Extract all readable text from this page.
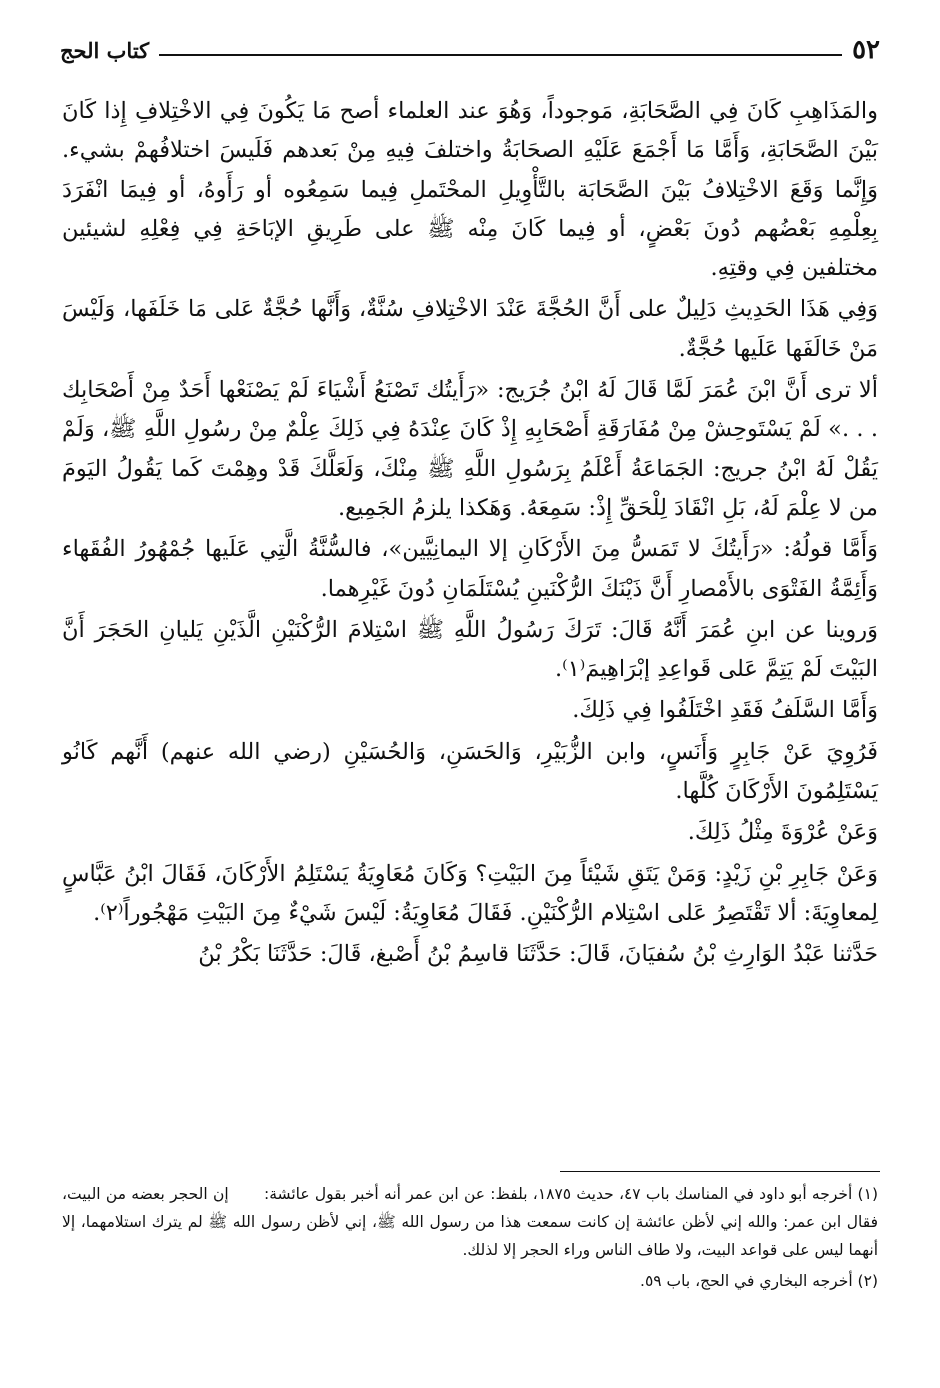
٥٢
كتاب الحج

والمَذَاهِبِ كَانَ فِي الصَّحَابَةِ، مَوجوداً، وَهُوَ عند العلماء أصح مَا يَكُونَ فِي الاخْتِلافِ إِذا كَانَ بَيْنَ الصَّحَابَةِ، وَأَمَّا مَا أَجْمَعَ عَلَيْهِ الصحَابَةُ واختلفَ فِيهِ مِنْ بَعدهم فَلَيسَ اختلافُهمْ بشيء. وَإِنَّما وَقَعَ الاخْتِلافُ بَيْنَ الصَّحَابَة بالتَّأْوِيلِ المحْتَملِ فِيما سَمِعُوه أو رَأَوهُ، أو فِيمَا انْفَرَدَ بِعِلْمِهِ بَعْضُهم دُونَ بَعْضٍ، أو فِيما كَانَ مِنْه ﷺ على طَرِيقِ الإبَاحَةِ فِي فِعْلِهِ لشيئين مختلفين فِي وقتِهِ.

وَفِي هَذَا الحَدِيثِ دَلِيلٌ على أَنَّ الحُجَّةَ عَنْدَ الاخْتِلافِ سُنَّةٌ، وَأَنَّها حُجَّةٌ عَلى مَا خَلَفَها، وَلَيْسَ مَنْ خَالَفَها عَلَيها حُجَّةٌ.

ألا ترى أَنَّ ابْنَ عُمَرَ لَمَّا قَالَ لَهُ ابْنُ جُرَيج: «رَأَيتُك تَصْنَعُ أَشْيَاءَ لَمْ يَصْنَعْها أَحَدٌ مِنْ أَصْحَابِك . . .» لَمْ يَسْتَوحِشْ مِنْ مُفَارَقَةِ أَصْحَابِهِ إِذْ كَانَ عِنْدَهُ فِي ذَلِكَ عِلْمٌ مِنْ رسُولِ اللَّهِ ﷺ، وَلَمْ يَقُلْ لَهُ ابْنُ جريج: الجَمَاعَةُ أَعْلَمُ بِرَسُولِ اللَّهِ ﷺ مِنْكَ، وَلَعَلَّكَ قَدْ وهِمْتَ كَما يَقُولُ اليَومَ من لا عِلْمَ لَهُ، بَلِ انْقَادَ لِلْحَقِّ إِذْ: سَمِعَهُ. وَهَكذا يلزمُ الجَمِيع.

وَأَمَّا قولُهُ: «رَأَيتُكَ لا تَمَسُّ مِنَ الأَرْكَانِ إلا اليمانِيَّين»، فالسُّنَّةُ الَّتِي عَلَيها جُمْهُورُ الفُقَهاء وَأَئِمَّةُ الفَتْوَى بالأَمْصارِ أَنَّ ذَيْنَكَ الرُّكْنَينِ يُسْتَلَمَانِ دُونَ غَيْرِهما.

وَروينا عن ابنِ عُمَرَ أَنَّهُ قَالَ: تَرَكَ رَسُولُ اللَّهِ ﷺ اسْتِلامَ الرُّكْنَيْنِ الَّذَيْنِ يَليانِ الحَجَرَ أَنَّ البَيْتَ لَمْ يَتِمَّ عَلى قَواعِدِ إبْرَاهِيمَ⁽١⁾.

وَأَمَّا السَّلَفُ فَقَدِ اخْتَلَفُوا فِي ذَلِكَ.

فَرُوِيَ عَنْ جَابِرٍ وَأَنَسٍ، وابن الزُّبَيْرِ، وَالحَسَنِ، وَالحُسَيْنِ (رضي الله عنهم) أَنَّهم كَانُو يَسْتَلِمُونَ الأَرْكَانَ كُلَّها.

وَعَنْ عُرْوَةَ مِثْلُ ذَلِكَ.

وَعَنْ جَابِرِ بْنِ زَيْدٍ: وَمَنْ يَتَقِ شَيْئاً مِنَ البَيْتِ؟ وَكَانَ مُعَاوِيَةُ يَسْتَلِمُ الأَرْكَانَ، فَقَالَ ابْنُ عَبَّاسٍ لِمعاوِيَةَ: ألا تَقْتَصِرُ عَلى اسْتِلام الرُّكْنَيْنِ. فَقَالَ مُعَاوِيَةُ: لَيْسَ شَيْءٌ مِنَ البَيْتِ مَهْجُوراً⁽٢⁾.

حَدَّثنا عَبْدُ الوَارِثِ بْنُ سُفيَانَ، قَالَ: حَدَّثَنَا قاسِمُ بْنُ أَصْبغ، قَالَ: حَدَّثَنَا بَكْرُ بْنُ

(١) أخرجه أبو داود في المناسك باب ٤٧، حديث ١٨٧٥، بلفظ: عن ابن عمر أنه أخبر بقول عائشة: إن الحجر بعضه من البيت، فقال ابن عمر: والله إني لأظن عائشة إن كانت سمعت هذا من رسول الله ﷺ، إني لأظن رسول الله ﷺ لم يترك استلامهما، إلا أنهما ليس على قواعد البيت، ولا طاف الناس وراء الحجر إلا لذلك.

(٢) أخرجه البخاري في الحج، باب ٥٩.
